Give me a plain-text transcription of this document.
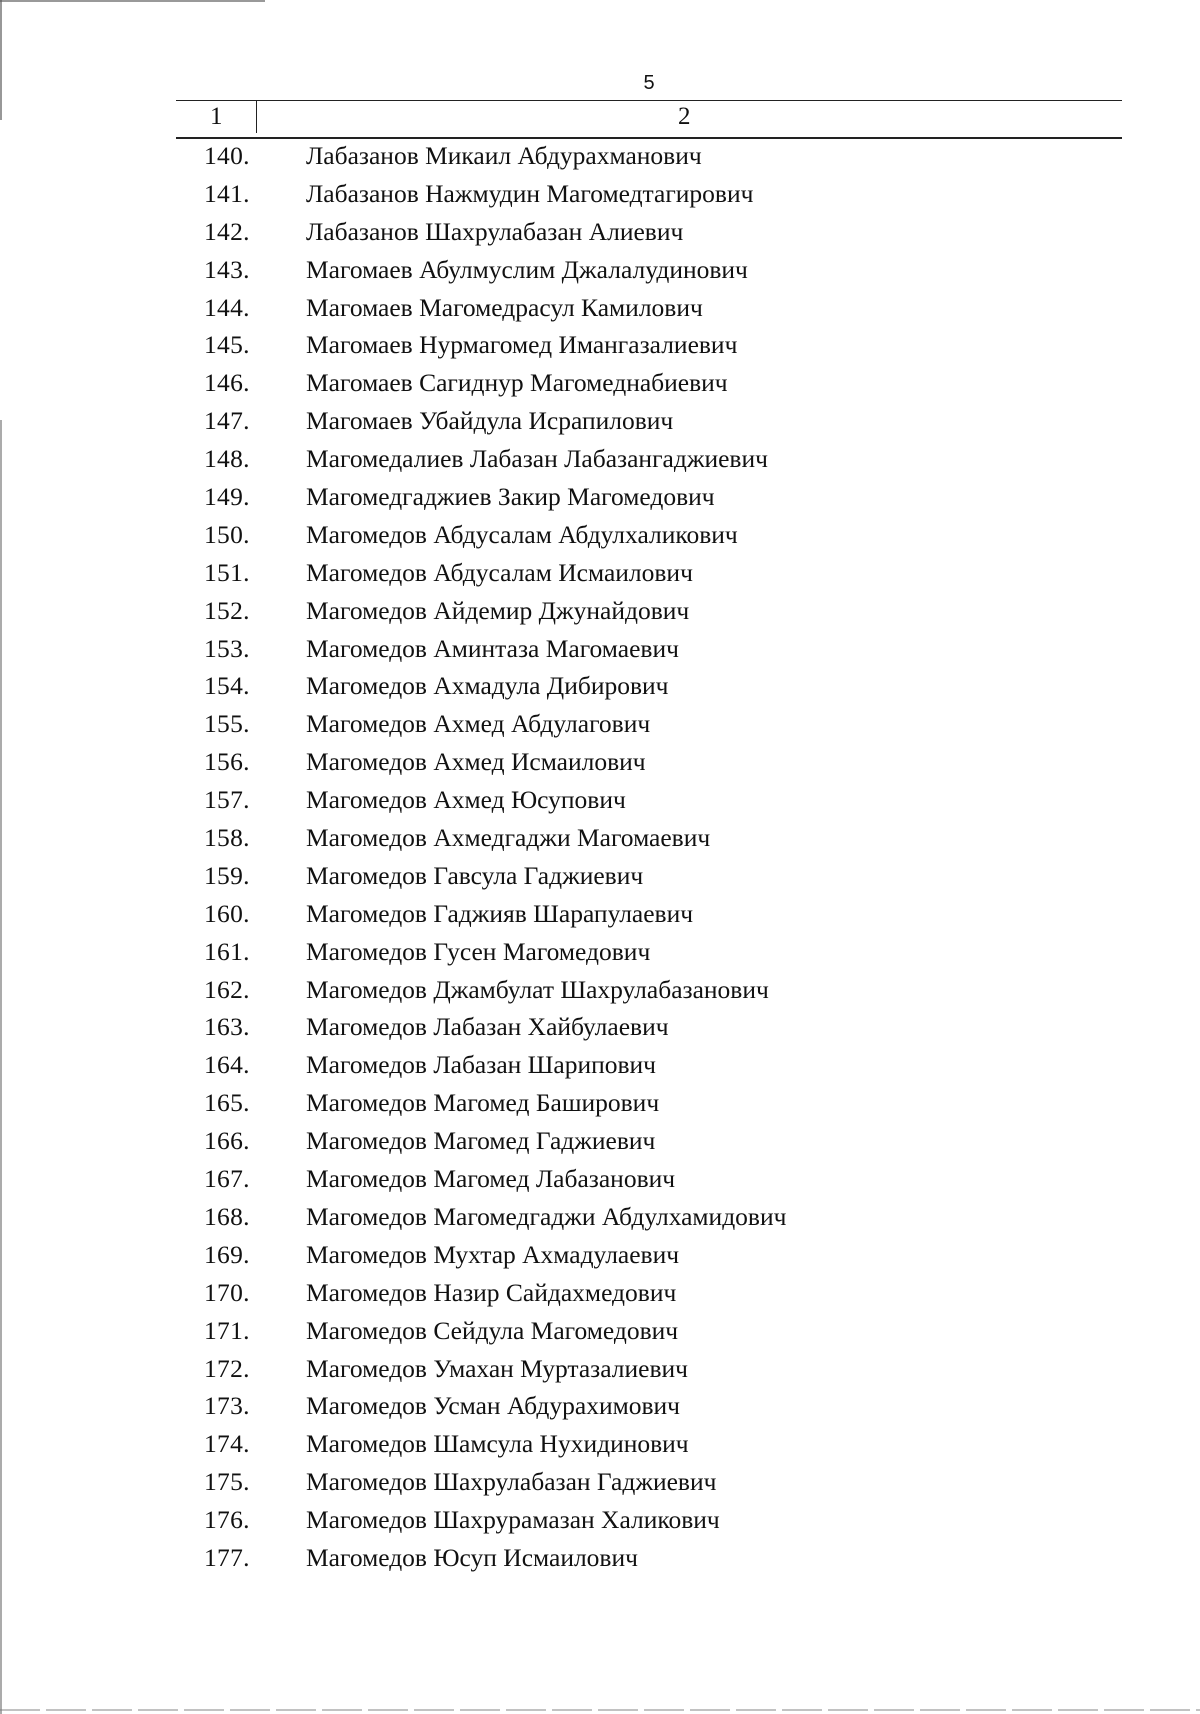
5
1	2
140. Лабазанов Микаил Абдурахманович
141. Лабазанов Нажмудин Магомедтагирович
142. Лабазанов Шахрулабазан Алиевич
143. Магомаев Абулмуслим Джалалудинович
144. Магомаев Магомедрасул Камилович
145. Магомаев Нурмагомед Имангазалиевич
146. Магомаев Сагиднур Магомеднабиевич
147. Магомаев Убайдула Исрапилович
148. Магомедалиев Лабазан Лабазангаджиевич
149. Магомедгаджиев Закир Магомедович
150. Магомедов Абдусалам Абдулхаликович
151. Магомедов Абдусалам Исмаилович
152. Магомедов Айдемир Джунайдович
153. Магомедов Аминтаза Магомаевич
154. Магомедов Ахмадула Дибирович
155. Магомедов Ахмед Абдулагович
156. Магомедов Ахмед Исмаилович
157. Магомедов Ахмед Юсупович
158. Магомедов Ахмедгаджи Магомаевич
159. Магомедов Гавсула Гаджиевич
160. Магомедов Гаджияв Шарапулаевич
161. Магомедов Гусен Магомедович
162. Магомедов Джамбулат Шахрулабазанович
163. Магомедов Лабазан Хайбулаевич
164. Магомедов Лабазан Шарипович
165. Магомедов Магомед Баширович
166. Магомедов Магомед Гаджиевич
167. Магомедов Магомед Лабазанович
168. Магомедов Магомедгаджи Абдулхамидович
169. Магомедов Мухтар Ахмадулаевич
170. Магомедов Назир Сайдахмедович
171. Магомедов Сейдула Магомедович
172. Магомедов Умахан Муртазалиевич
173. Магомедов Усман Абдурахимович
174. Магомедов Шамсула Нухидинович
175. Магомедов Шахрулабазан Гаджиевич
176. Магомедов Шахрурамазан Халикович
177. Магомедов Юсуп Исмаилович
